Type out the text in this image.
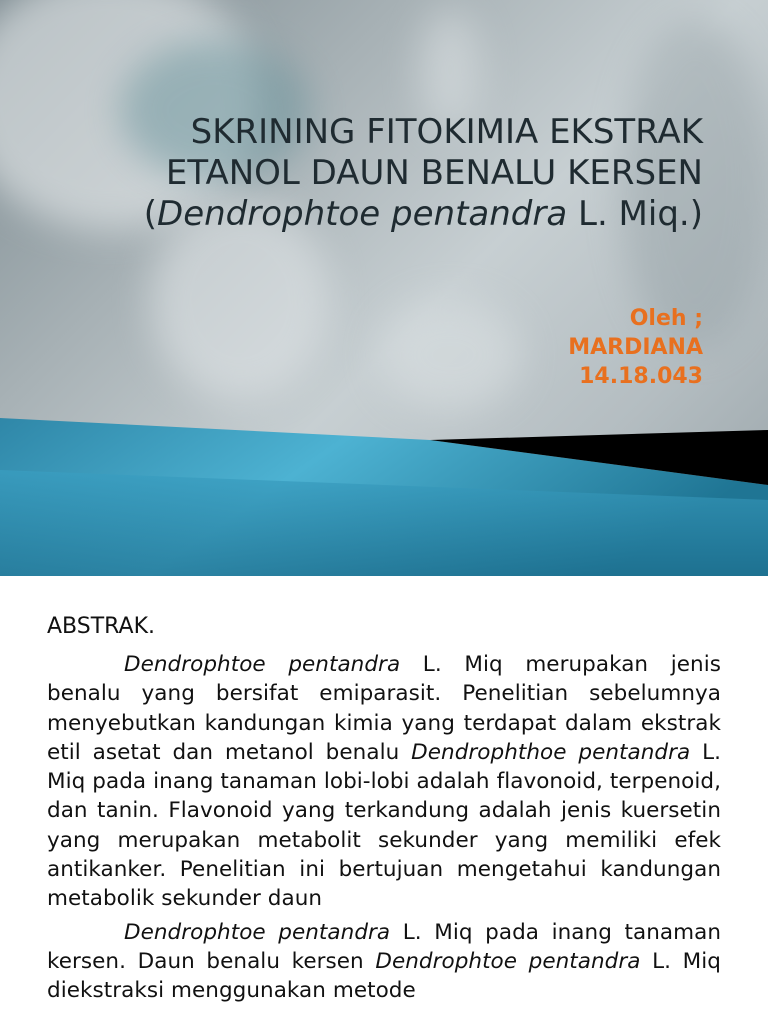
SKRINING FITOKIMIA EKSTRAK
ETANOL DAUN BENALU KERSEN
(Dendrophtoe pentandra L. Miq.)
Oleh ;
MARDIANA
14.18.043
ABSTRAK.

Dendrophtoe pentandra L. Miq merupakan jenis benalu yang bersifat emiparasit. Penelitian sebelumnya menyebutkan kandungan kimia yang terdapat dalam ekstrak etil asetat dan metanol benalu Dendrophthoe pentandra L. Miq pada inang tanaman lobi-lobi adalah flavonoid, terpenoid, dan tanin. Flavonoid yang terkandung adalah jenis kuersetin yang merupakan metabolit sekunder yang memiliki efek antikanker. Penelitian ini bertujuan mengetahui kandungan metabolik sekunder daun

Dendrophtoe pentandra L. Miq pada inang tanaman kersen. Daun benalu kersen Dendrophtoe pentandra L. Miq diekstraksi menggunakan metode
